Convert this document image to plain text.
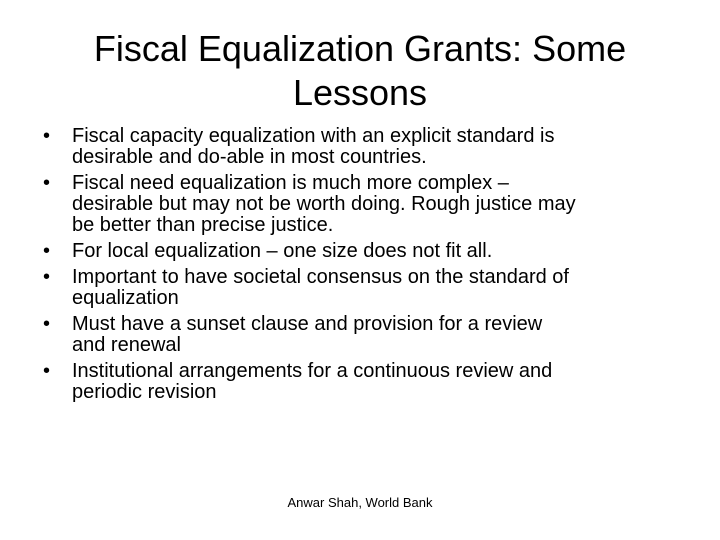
Fiscal Equalization Grants: Some
Lessons
• Fiscal capacity equalization with an explicit standard is
desirable and do-able in most countries.
• Fiscal need equalization is much more complex –
desirable but may not be worth doing. Rough justice may
be better than precise justice.
• For local equalization – one size does not fit all.
• Important to have societal consensus on the standard of
equalization
• Must have a sunset clause and provision for a review
and renewal
• Institutional arrangements for a continuous review and
periodic revision
Anwar Shah, World Bank
